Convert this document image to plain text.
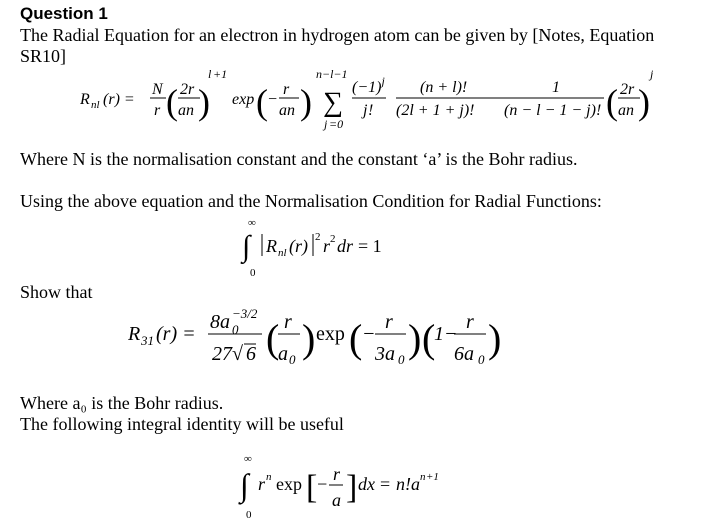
Question 1
The Radial Equation for an electron in hydrogen atom can be given by [Notes, Equation
SR10]
R nl (r) =
N
r ( 2r
an )
l +1
exp ( −
r
an )
n−l−1
∑
j =0
$(-1)^j$
j !
(n + l)!
(2l + 1 + j)!
1
(n − l − 1 − j)! ( 2r
an )
j
Where N is the normalisation constant and the constant ‘a’ is the Bohr radius.
Using the above equation and the Normalisation Condition for Radial Functions:
∞
∫
0
R nl (r) 2 r 2 dr = 1
Show that
R 31 (r) =
8a −3/2
0
27 √ 6 ( r
a 0 ) exp ( −
r
3a 0 ) (
1−
r
6a 0 )
Where a₀ is the Bohr radius.
The following integral identity will be useful
∞
∫
0
r n exp [
− r
a ] dx = n ! a n +1
